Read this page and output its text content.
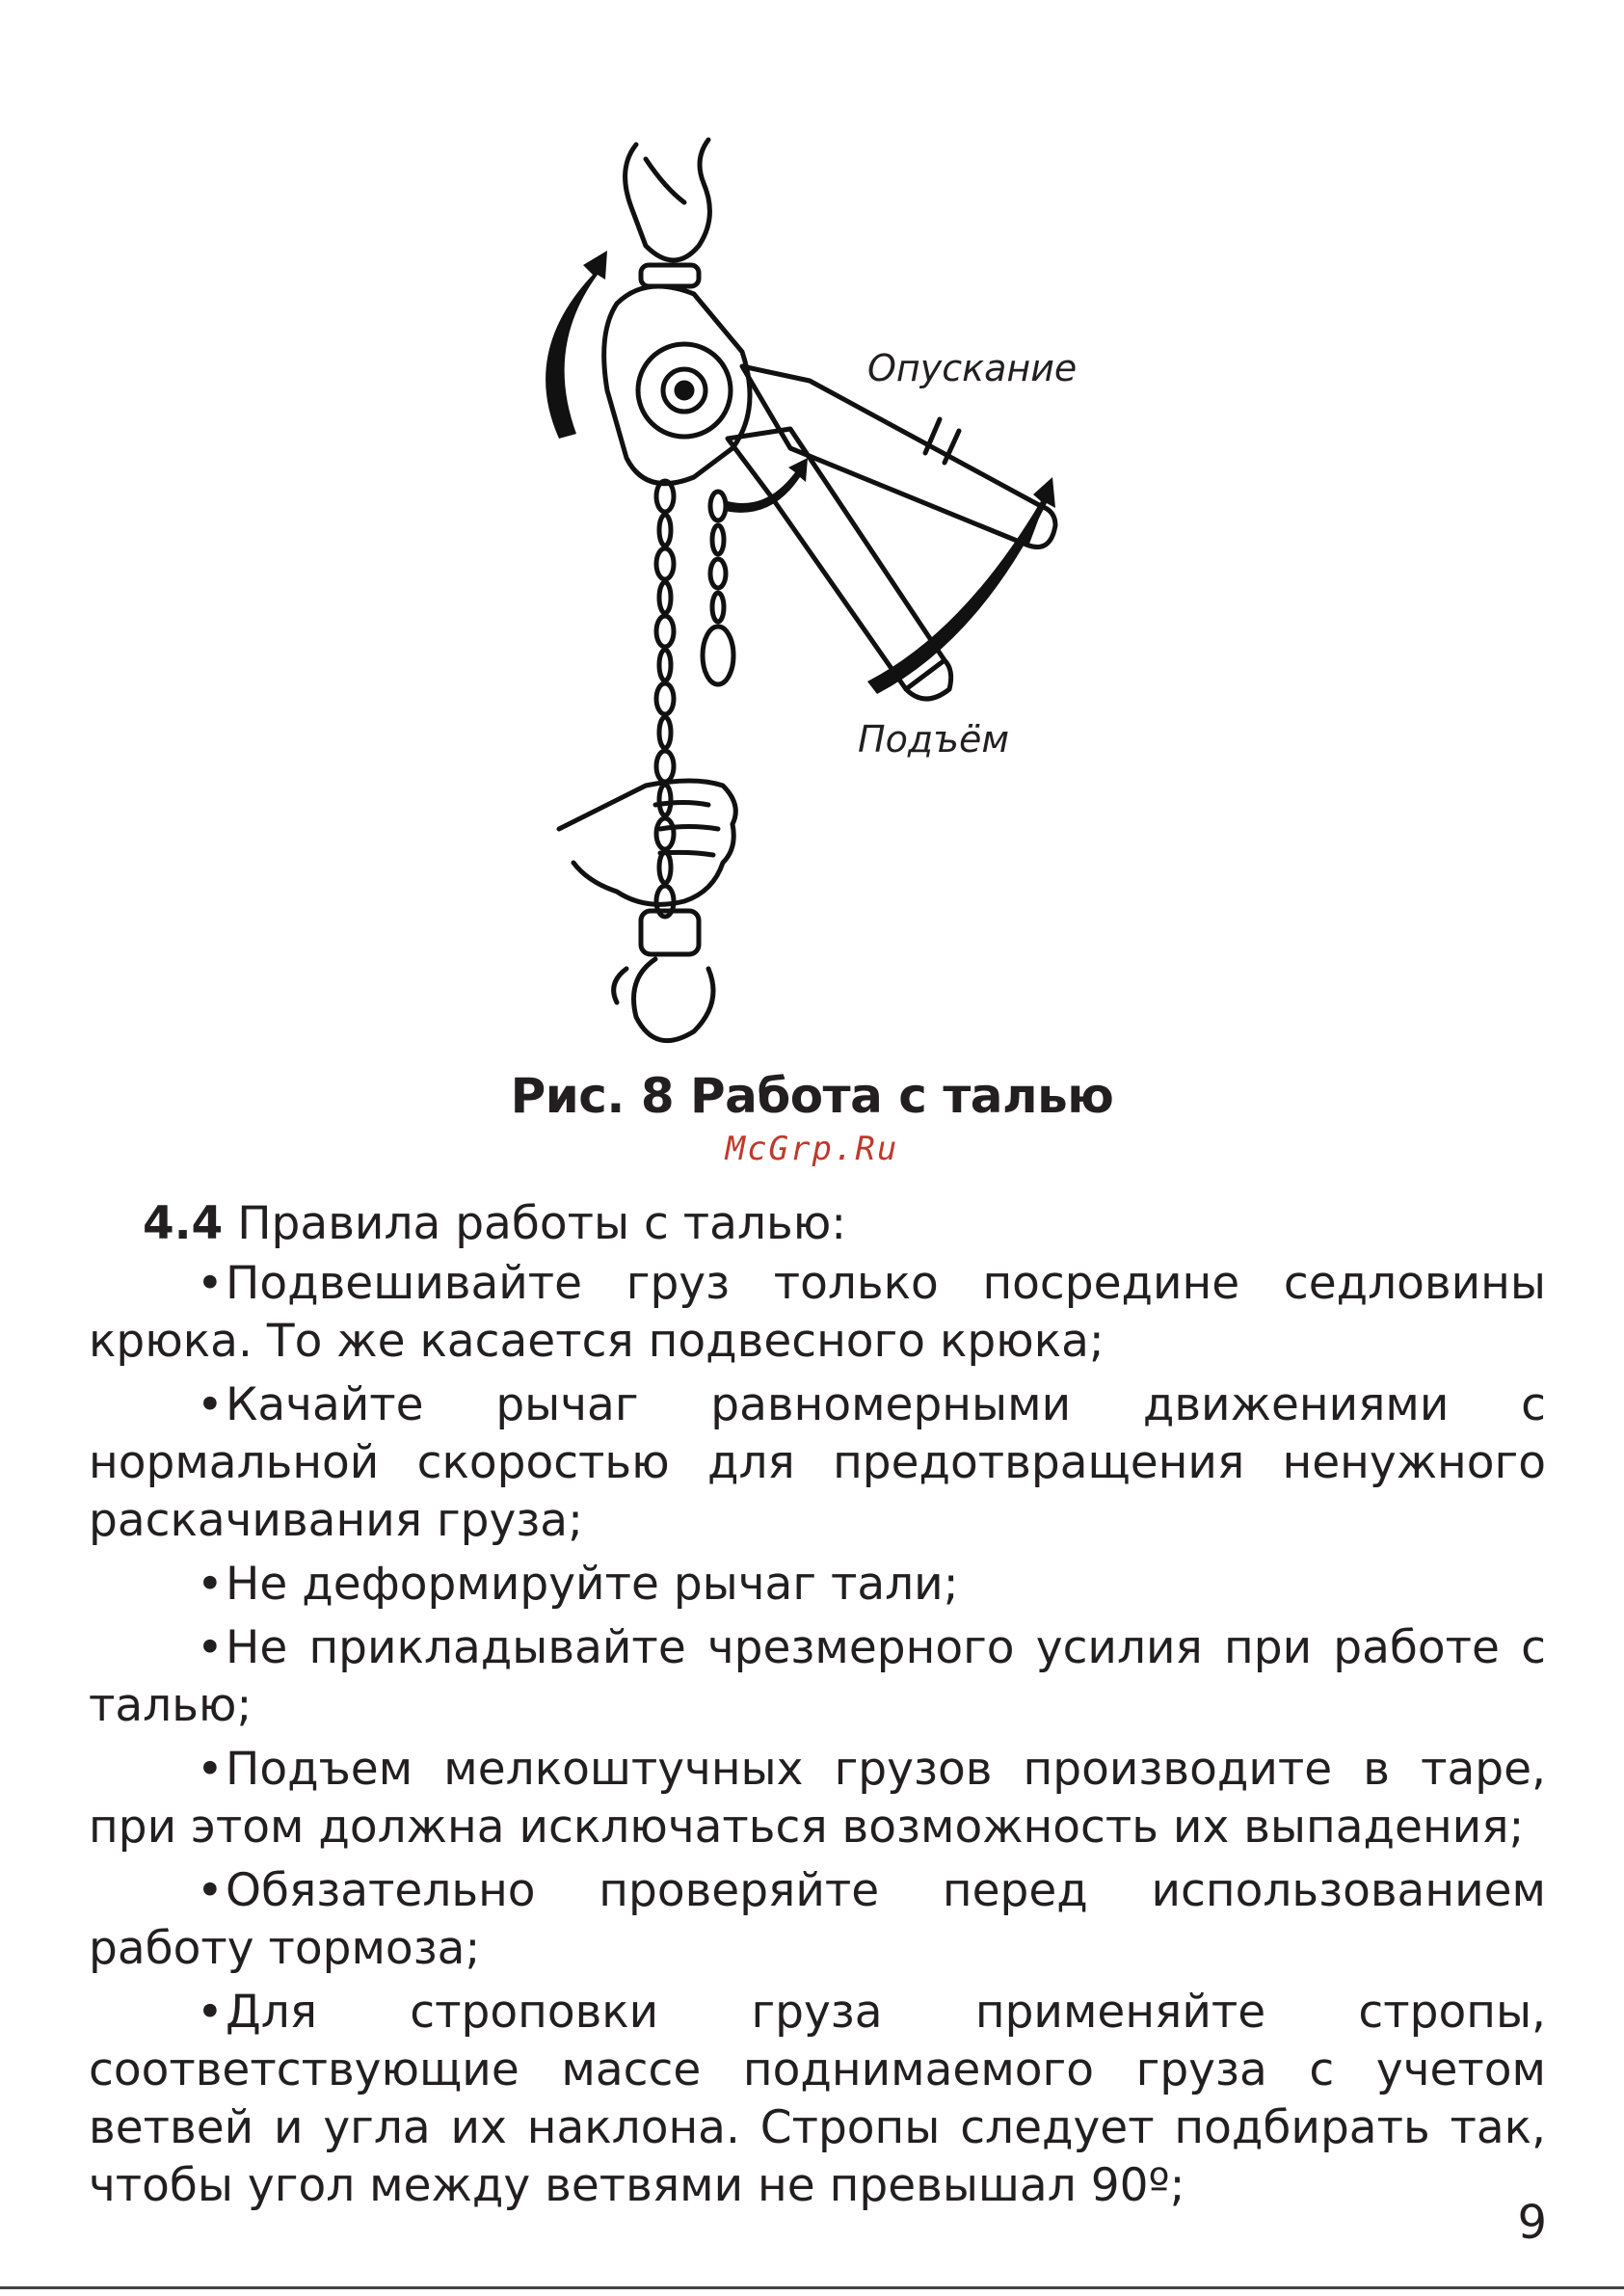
Опускание
Подъём
Рис. 8 Работа с талью
McGrp.Ru
4.4 Правила работы с талью:

•Подвешивайте груз только посредине седловины крюка. То же касается подвесного крюка;

•Качайте рычаг равномерными движениями с нормальной скоростью для предотвращения ненужного раскачивания груза;

•Не деформируйте рычаг тали;

•Не прикладывайте чрезмерного усилия при работе с талью;

•Подъем мелкоштучных грузов производите в таре, при этом должна исключаться возможность их выпадения;

•Обязательно проверяйте перед использованием работу тормоза;

•Для строповки груза применяйте стропы, соответствующие массе поднимаемого груза с учетом ветвей и угла их наклона. Стропы следует подбирать так, чтобы угол между ветвями не превышал 90º;

9
